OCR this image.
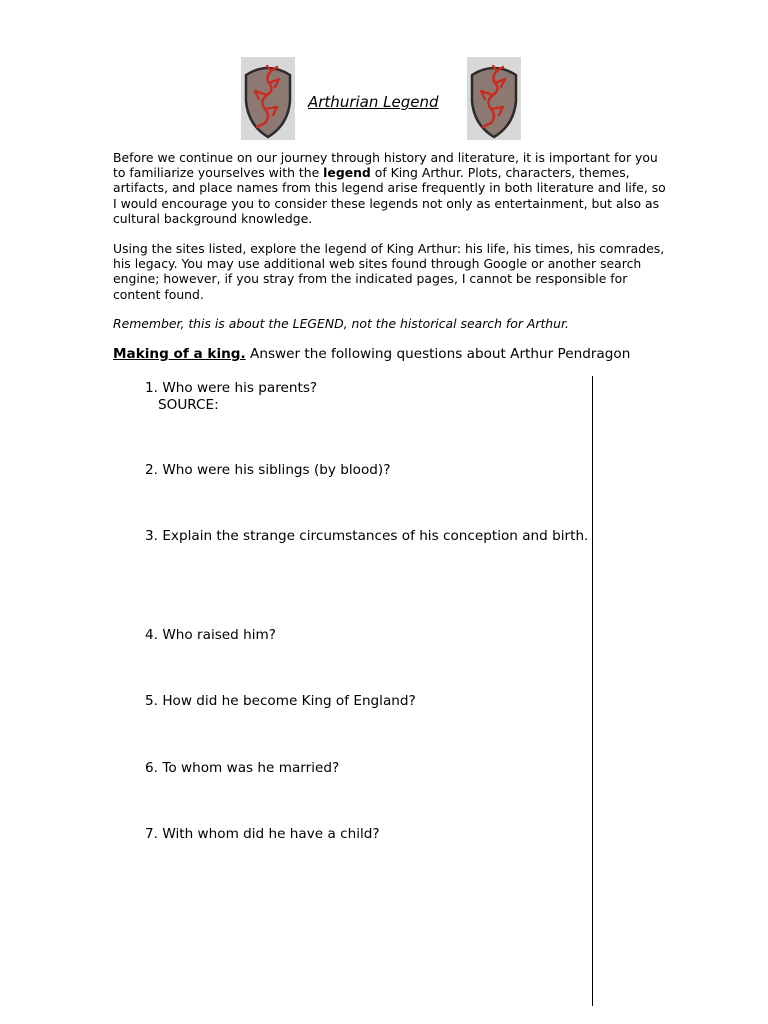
Arthurian Legend
Before we continue on our journey through history and literature, it is important for you to familiarize yourselves with the legend of King Arthur. Plots, characters, themes, artifacts, and place names from this legend arise frequently in both literature and life, so I would encourage you to consider these legends not only as entertainment, but also as cultural background knowledge.
Using the sites listed, explore the legend of King Arthur: his life, his times, his comrades, his legacy. You may use additional web sites found through Google or another search engine; however, if you stray from the indicated pages, I cannot be responsible for content found.
Remember, this is about the LEGEND, not the historical search for Arthur.
Making of a king. Answer the following questions about Arthur Pendragon
1. Who were his parents?
SOURCE:
2. Who were his siblings (by blood)?
3. Explain the strange circumstances of his conception and birth.
4. Who raised him?
5. How did he become King of England?
6. To whom was he married?
7. With whom did he have a child?
